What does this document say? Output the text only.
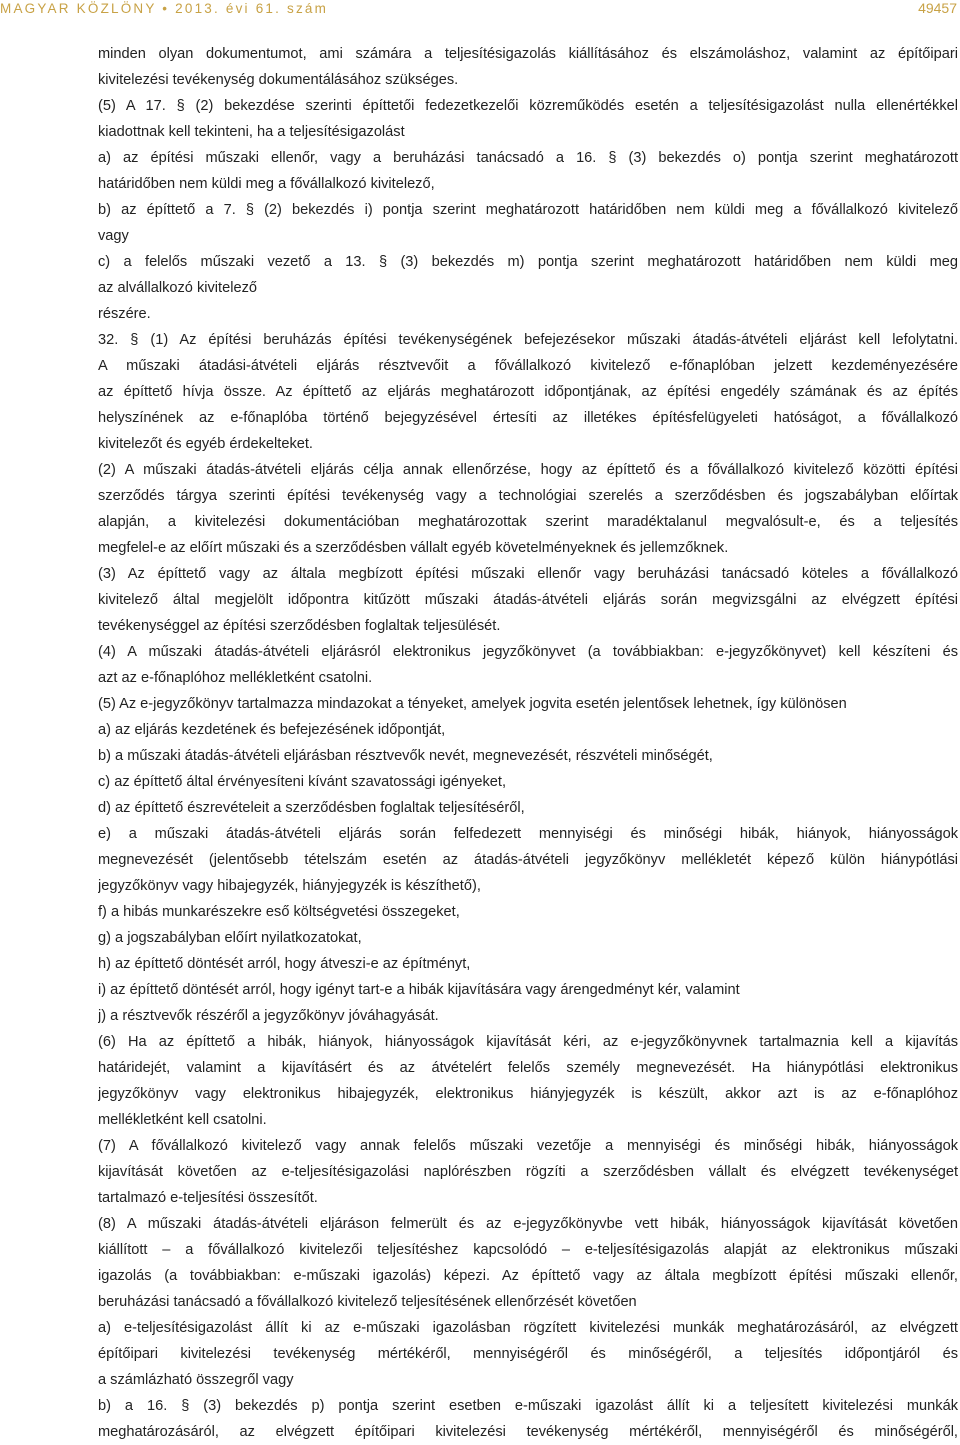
MAGYAR KÖZLÖNY • 2013. évi 61. szám	49457
minden olyan dokumentumot, ami számára a teljesítésigazolás kiállításához és elszámoláshoz, valamint az építőipari
kivitelezési tevékenység dokumentálásához szükséges.
(5) A 17. § (2) bekezdése szerinti építtetői fedezetkezelői közreműködés esetén a teljesítésigazolást nulla ellenértékkel
kiadottnak kell tekinteni, ha a teljesítésigazolást
a) az építési műszaki ellenőr, vagy a beruházási tanácsadó a 16. § (3) bekezdés o) pontja szerint meghatározott
határidőben nem küldi meg a fővállalkozó kivitelező,
b) az építtető a 7. § (2) bekezdés i) pontja szerint meghatározott határidőben nem küldi meg a fővállalkozó kivitelező
vagy
c) a felelős műszaki vezető a 13. § (3) bekezdés m) pontja szerint meghatározott határidőben nem küldi meg
az alvállalkozó kivitelező
részére.
32. § (1) Az építési beruházás építési tevékenységének befejezésekor műszaki átadás-átvételi eljárást kell lefolytatni.
A műszaki átadási-átvételi eljárás résztvevőit a fővállalkozó kivitelező e-főnaplóban jelzett kezdeményezésére
az építtető hívja össze. Az építtető az eljárás meghatározott időpontjának, az építési engedély számának és az építés
helyszínének az e-főnaplóba történő bejegyzésével értesíti az illetékes építésfelügyeleti hatóságot, a fővállalkozó
kivitelezőt és egyéb érdekelteket.
(2) A műszaki átadás-átvételi eljárás célja annak ellenőrzése, hogy az építtető és a fővállalkozó kivitelező közötti építési
szerződés tárgya szerinti építési tevékenység vagy a technológiai szerelés a szerződésben és jogszabályban előírtak
alapján, a kivitelezési dokumentációban meghatározottak szerint maradéktalanul megvalósult-e, és a teljesítés
megfelel-e az előírt műszaki és a szerződésben vállalt egyéb követelményeknek és jellemzőknek.
(3) Az építtető vagy az általa megbízott építési műszaki ellenőr vagy beruházási tanácsadó köteles a fővállalkozó
kivitelező által megjelölt időpontra kitűzött műszaki átadás-átvételi eljárás során megvizsgálni az elvégzett építési
tevékenységgel az építési szerződésben foglaltak teljesülését.
(4) A műszaki átadás-átvételi eljárásról elektronikus jegyzőkönyvet (a továbbiakban: e-jegyzőkönyvet) kell készíteni és
azt az e-főnaplóhoz mellékletként csatolni.
(5) Az e-jegyzőkönyv tartalmazza mindazokat a tényeket, amelyek jogvita esetén jelentősek lehetnek, így különösen
a) az eljárás kezdetének és befejezésének időpontját,
b) a műszaki átadás-átvételi eljárásban résztvevők nevét, megnevezését, részvételi minőségét,
c) az építtető által érvényesíteni kívánt szavatossági igényeket,
d) az építtető észrevételeit a szerződésben foglaltak teljesítéséről,
e) a műszaki átadás-átvételi eljárás során felfedezett mennyiségi és minőségi hibák, hiányok, hiányosságok
megnevezését (jelentősebb tételszám esetén az átadás-átvételi jegyzőkönyv mellékletét képező külön hiánypótlási
jegyzőkönyv vagy hibajegyzék, hiányjegyzék is készíthető),
f) a hibás munkarészekre eső költségvetési összegeket,
g) a jogszabályban előírt nyilatkozatokat,
h) az építtető döntését arról, hogy átveszi-e az építményt,
i) az építtető döntését arról, hogy igényt tart-e a hibák kijavítására vagy árengedményt kér, valamint
j) a résztvevők részéről a jegyzőkönyv jóváhagyását.
(6) Ha az építtető a hibák, hiányok, hiányosságok kijavítását kéri, az e-jegyzőkönyvnek tartalmaznia kell a kijavítás
határidejét, valamint a kijavításért és az átvételért felelős személy megnevezését. Ha hiánypótlási elektronikus
jegyzőkönyv vagy elektronikus hibajegyzék, elektronikus hiányjegyzék is készült, akkor azt is az e-főnaplóhoz
mellékletként kell csatolni.
(7) A fővállalkozó kivitelező vagy annak felelős műszaki vezetője a mennyiségi és minőségi hibák, hiányosságok
kijavítását követően az e-teljesítésigazolási naplórészben rögzíti a szerződésben vállalt és elvégzett tevékenységet
tartalmazó e-teljesítési összesítőt.
(8) A műszaki átadás-átvételi eljáráson felmerült és az e-jegyzőkönyvbe vett hibák, hiányosságok kijavítását követően
kiállított – a fővállalkozó kivitelezői teljesítéshez kapcsolódó – e-teljesítésigazolás alapját az elektronikus műszaki
igazolás (a továbbiakban: e-műszaki igazolás) képezi. Az építtető vagy az általa megbízott építési műszaki ellenőr,
beruházási tanácsadó a fővállalkozó kivitelező teljesítésének ellenőrzését követően
a) e-teljesítésigazolást állít ki az e-műszaki igazolásban rögzített kivitelezési munkák meghatározásáról, az elvégzett
építőipari kivitelezési tevékenység mértékéről, mennyiségéről és minőségéről, a teljesítés időpontjáról és
a számlázható összegről vagy
b) a 16. § (3) bekezdés p) pontja szerint esetben e-műszaki igazolást állít ki a teljesített kivitelezési munkák
meghatározásáról, az elvégzett építőipari kivitelezési tevékenység mértékéről, mennyiségéről és minőségéről,
